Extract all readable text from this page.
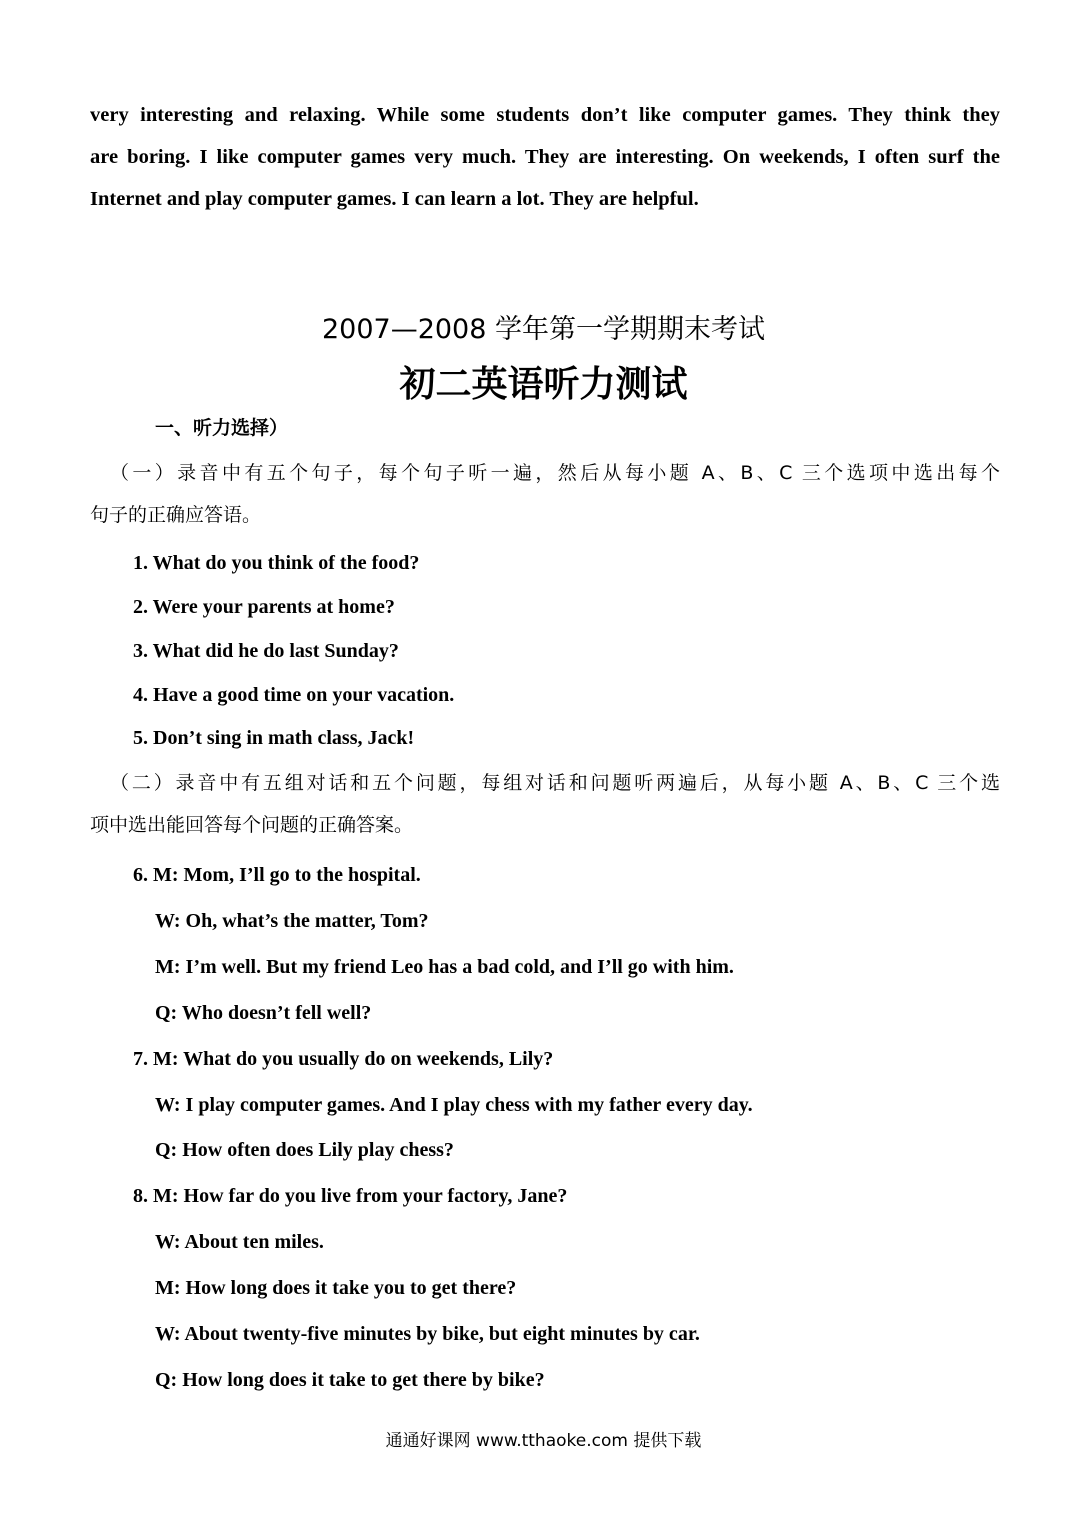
very interesting and relaxing. While some students don’t like computer games. They think they
are boring. I like computer games very much. They are interesting. On weekends, I often surf the
Internet and play computer games. I can learn a lot. They are helpful.
2007—2008 学年第一学期期末考试
初二英语听力测试
一、听力选择）
（一）录音中有五个句子，每个句子听一遍，然后从每小题 A、B、C 三个选项中选出每个
句子的正确应答语。
1. What do you think of the food?
2. Were your parents at home?
3. What did he do last Sunday?
4. Have a good time on your vacation.
5. Don’t sing in math class, Jack!
（二）录音中有五组对话和五个问题，每组对话和问题听两遍后，从每小题 A、B、C 三个选
项中选出能回答每个问题的正确答案。
6. M: Mom, I’ll go to the hospital.
W: Oh, what’s the matter, Tom?
M: I’m well. But my friend Leo has a bad cold, and I’ll go with him.
Q: Who doesn’t fell well?
7. M: What do you usually do on weekends, Lily?
W: I play computer games. And I play chess with my father every day.
Q: How often does Lily play chess?
8. M: How far do you live from your factory, Jane?
W: About ten miles.
M: How long does it take you to get there?
W: About twenty-five minutes by bike, but eight minutes by car.
Q: How long does it take to get there by bike?
通通好课网 www.tthaoke.com 提供下载
